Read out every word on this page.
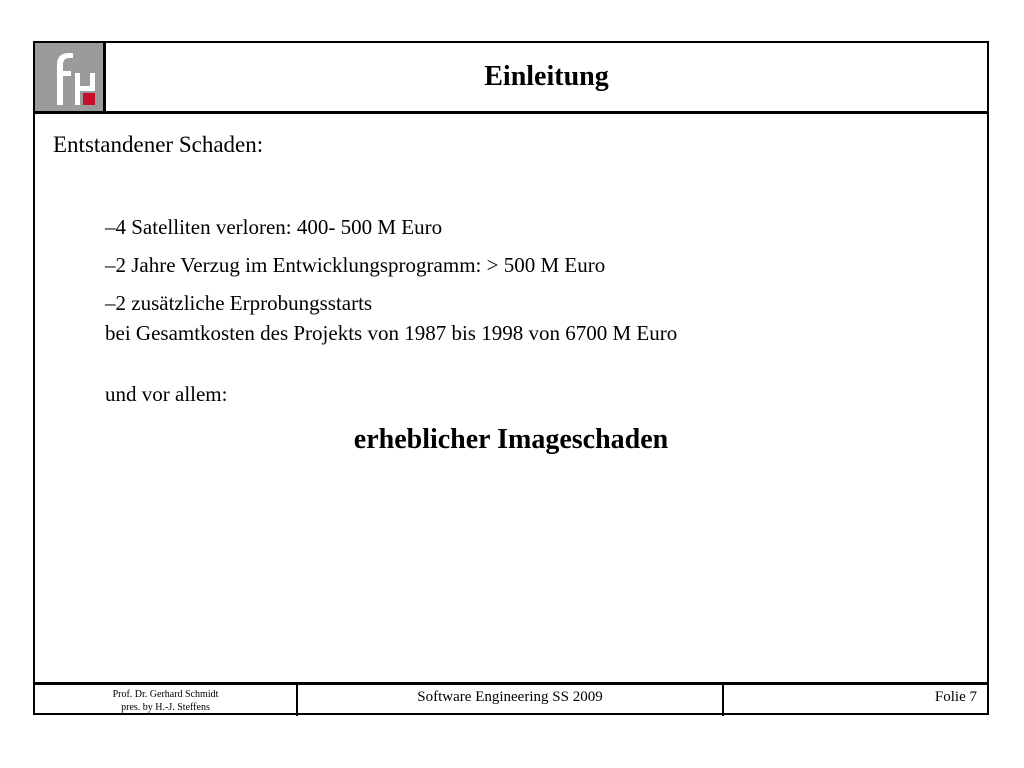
Einleitung
Entstandener Schaden:
–4 Satelliten verloren: 400- 500 M Euro
–2 Jahre Verzug im Entwicklungsprogramm: > 500 M Euro
–2 zusätzliche Erprobungsstarts
bei Gesamtkosten des Projekts von 1987 bis 1998 von 6700 M Euro
und vor allem:
erheblicher Imageschaden
Prof. Dr. Gerhard Schmidt
pres. by H.-J. Steffens
Software Engineering SS 2009	Folie 7
